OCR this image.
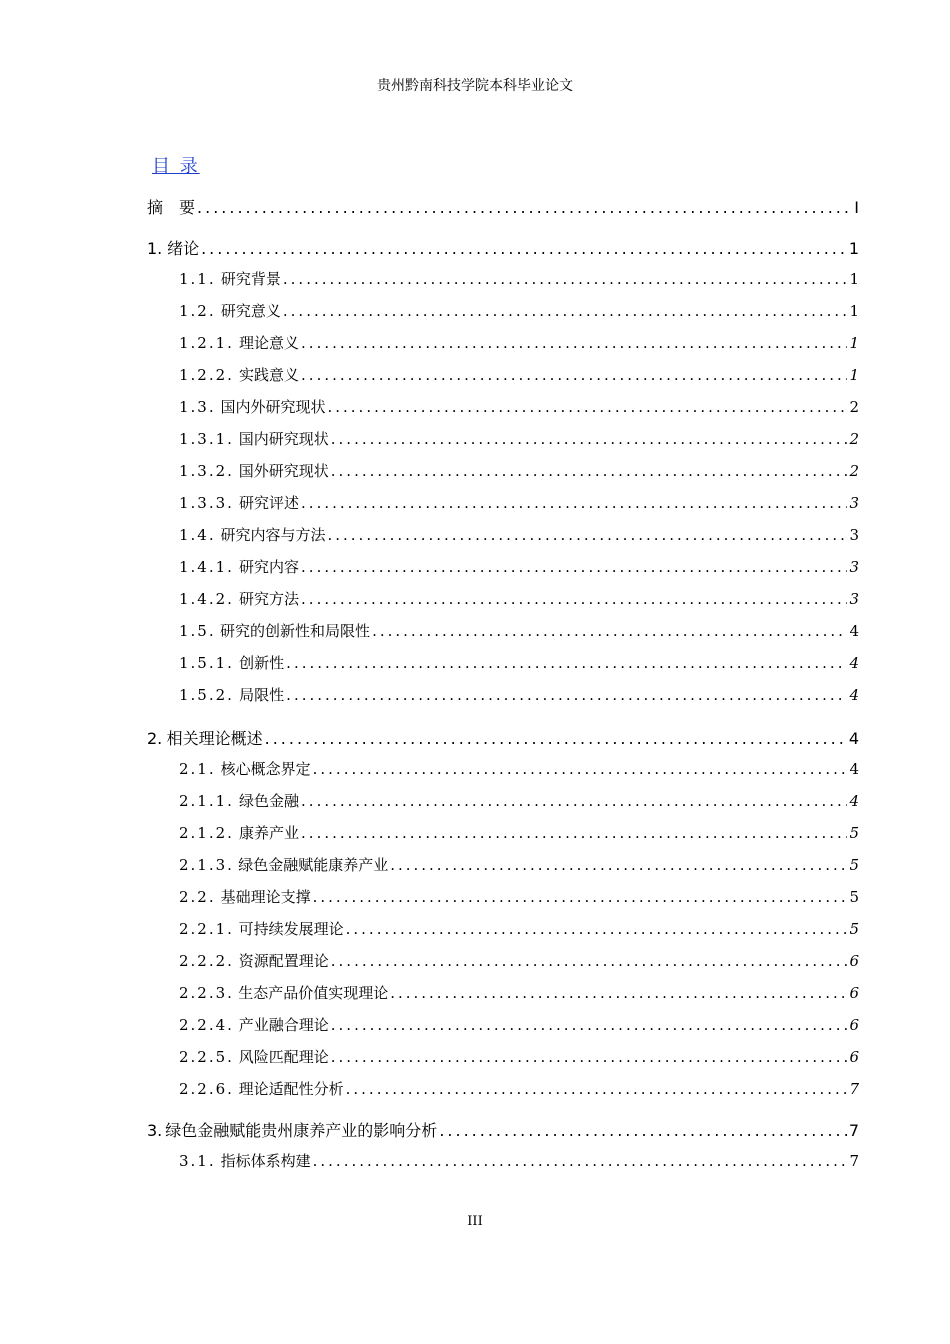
贵州黔南科技学院本科毕业论文
目 录
摘　要 .....	I
1. 绪论 .....	1
1.1. 研究背景 .....	1
1.2. 研究意义 .....	1
1.2.1. 理论意义 .....	1
1.2.2. 实践意义 .....	1
1.3. 国内外研究现状 .....	2
1.3.1. 国内研究现状 .....	2
1.3.2. 国外研究现状 .....	2
1.3.3. 研究评述 .....	3
1.4. 研究内容与方法 .....	3
1.4.1. 研究内容 .....	3
1.4.2. 研究方法 .....	3
1.5. 研究的创新性和局限性 .....	4
1.5.1. 创新性 .....	4
1.5.2. 局限性 .....	4
2. 相关理论概述 .....	4
2.1. 核心概念界定 .....	4
2.1.1. 绿色金融 .....	4
2.1.2. 康养产业 .....	5
2.1.3. 绿色金融赋能康养产业 .....	5
2.2. 基础理论支撑 .....	5
2.2.1. 可持续发展理论 .....	5
2.2.2. 资源配置理论 .....	6
2.2.3. 生态产品价值实现理论 .....	6
2.2.4. 产业融合理论 .....	6
2.2.5. 风险匹配理论 .....	6
2.2.6. 理论适配性分析 .....	7
3. 绿色金融赋能贵州康养产业的影响分析 .....	7
3.1. 指标体系构建 .....	7
III
